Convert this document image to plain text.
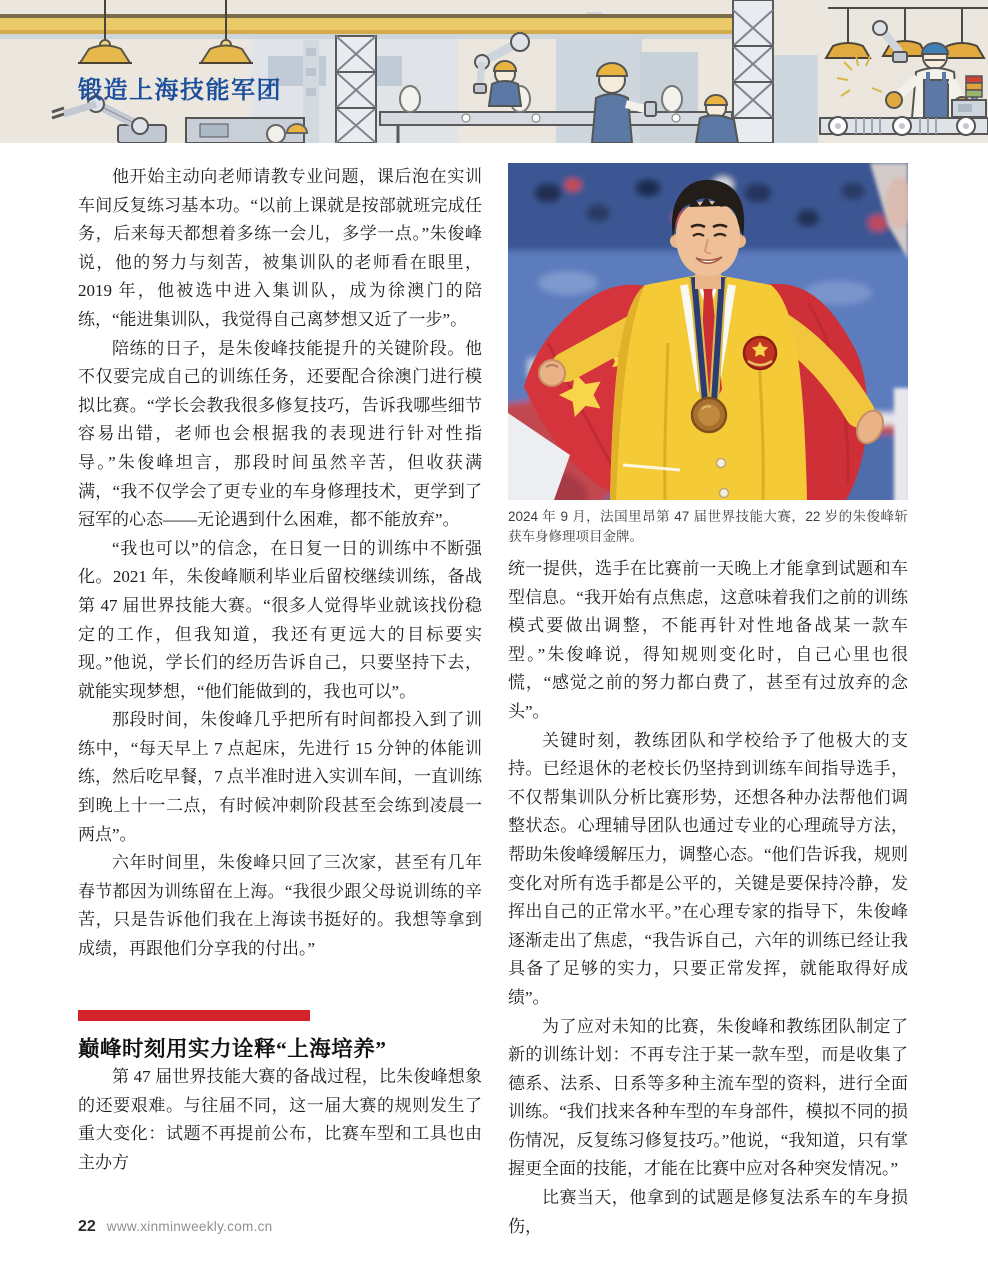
锻造上海技能军团

他开始主动向老师请教专业问题，课后泡在实训车间反复练习基本功。“以前上课就是按部就班完成任务，后来每天都想着多练一会儿，多学一点。”朱俊峰说，他的努力与刻苦，被集训队的老师看在眼里，2019 年，他被选中进入集训队，成为徐澳门的陪练，“能进集训队，我觉得自己离梦想又近了一步”。

陪练的日子，是朱俊峰技能提升的关键阶段。他不仅要完成自己的训练任务，还要配合徐澳门进行模拟比赛。“学长会教我很多修复技巧，告诉我哪些细节容易出错，老师也会根据我的表现进行针对性指导。”朱俊峰坦言，那段时间虽然辛苦，但收获满满，“我不仅学会了更专业的车身修理技术，更学到了冠军的心态——无论遇到什么困难，都不能放弃”。

“我也可以”的信念，在日复一日的训练中不断强化。2021 年，朱俊峰顺利毕业后留校继续训练，备战第 47 届世界技能大赛。“很多人觉得毕业就该找份稳定的工作，但我知道，我还有更远大的目标要实现。”他说，学长们的经历告诉自己，只要坚持下去，就能实现梦想，“他们能做到的，我也可以”。

那段时间，朱俊峰几乎把所有时间都投入到了训练中，“每天早上 7 点起床，先进行 15 分钟的体能训练，然后吃早餐，7 点半准时进入实训车间，一直训练到晚上十一二点，有时候冲刺阶段甚至会练到凌晨一两点”。

六年时间里，朱俊峰只回了三次家，甚至有几年春节都因为训练留在上海。“我很少跟父母说训练的辛苦，只是告诉他们我在上海读书挺好的。我想等拿到成绩，再跟他们分享我的付出。”

巅峰时刻用实力诠释“上海培养”

第 47 届世界技能大赛的备战过程，比朱俊峰想象的还要艰难。与往届不同，这一届大赛的规则发生了重大变化：试题不再提前公布，比赛车型和工具也由主办方

2024 年 9 月，法国里昂第 47 届世界技能大赛，22 岁的朱俊峰斩获车身修理项目金牌。

统一提供，选手在比赛前一天晚上才能拿到试题和车型信息。“我开始有点焦虑，这意味着我们之前的训练模式要做出调整，不能再针对性地备战某一款车型。”朱俊峰说，得知规则变化时，自己心里也很慌，“感觉之前的努力都白费了，甚至有过放弃的念头”。

关键时刻，教练团队和学校给予了他极大的支持。已经退休的老校长仍坚持到训练车间指导选手，不仅帮集训队分析比赛形势，还想各种办法帮他们调整状态。心理辅导团队也通过专业的心理疏导方法，帮助朱俊峰缓解压力，调整心态。“他们告诉我，规则变化对所有选手都是公平的，关键是要保持冷静，发挥出自己的正常水平。”在心理专家的指导下，朱俊峰逐渐走出了焦虑，“我告诉自己，六年的训练已经让我具备了足够的实力，只要正常发挥，就能取得好成绩”。

为了应对未知的比赛，朱俊峰和教练团队制定了新的训练计划：不再专注于某一款车型，而是收集了德系、法系、日系等多种主流车型的资料，进行全面训练。“我们找来各种车型的车身部件，模拟不同的损伤情况，反复练习修复技巧。”他说，“我知道，只有掌握更全面的技能，才能在比赛中应对各种突发情况。”

比赛当天，他拿到的试题是修复法系车的车身损伤，

22 www.xinminweekly.com.cn
